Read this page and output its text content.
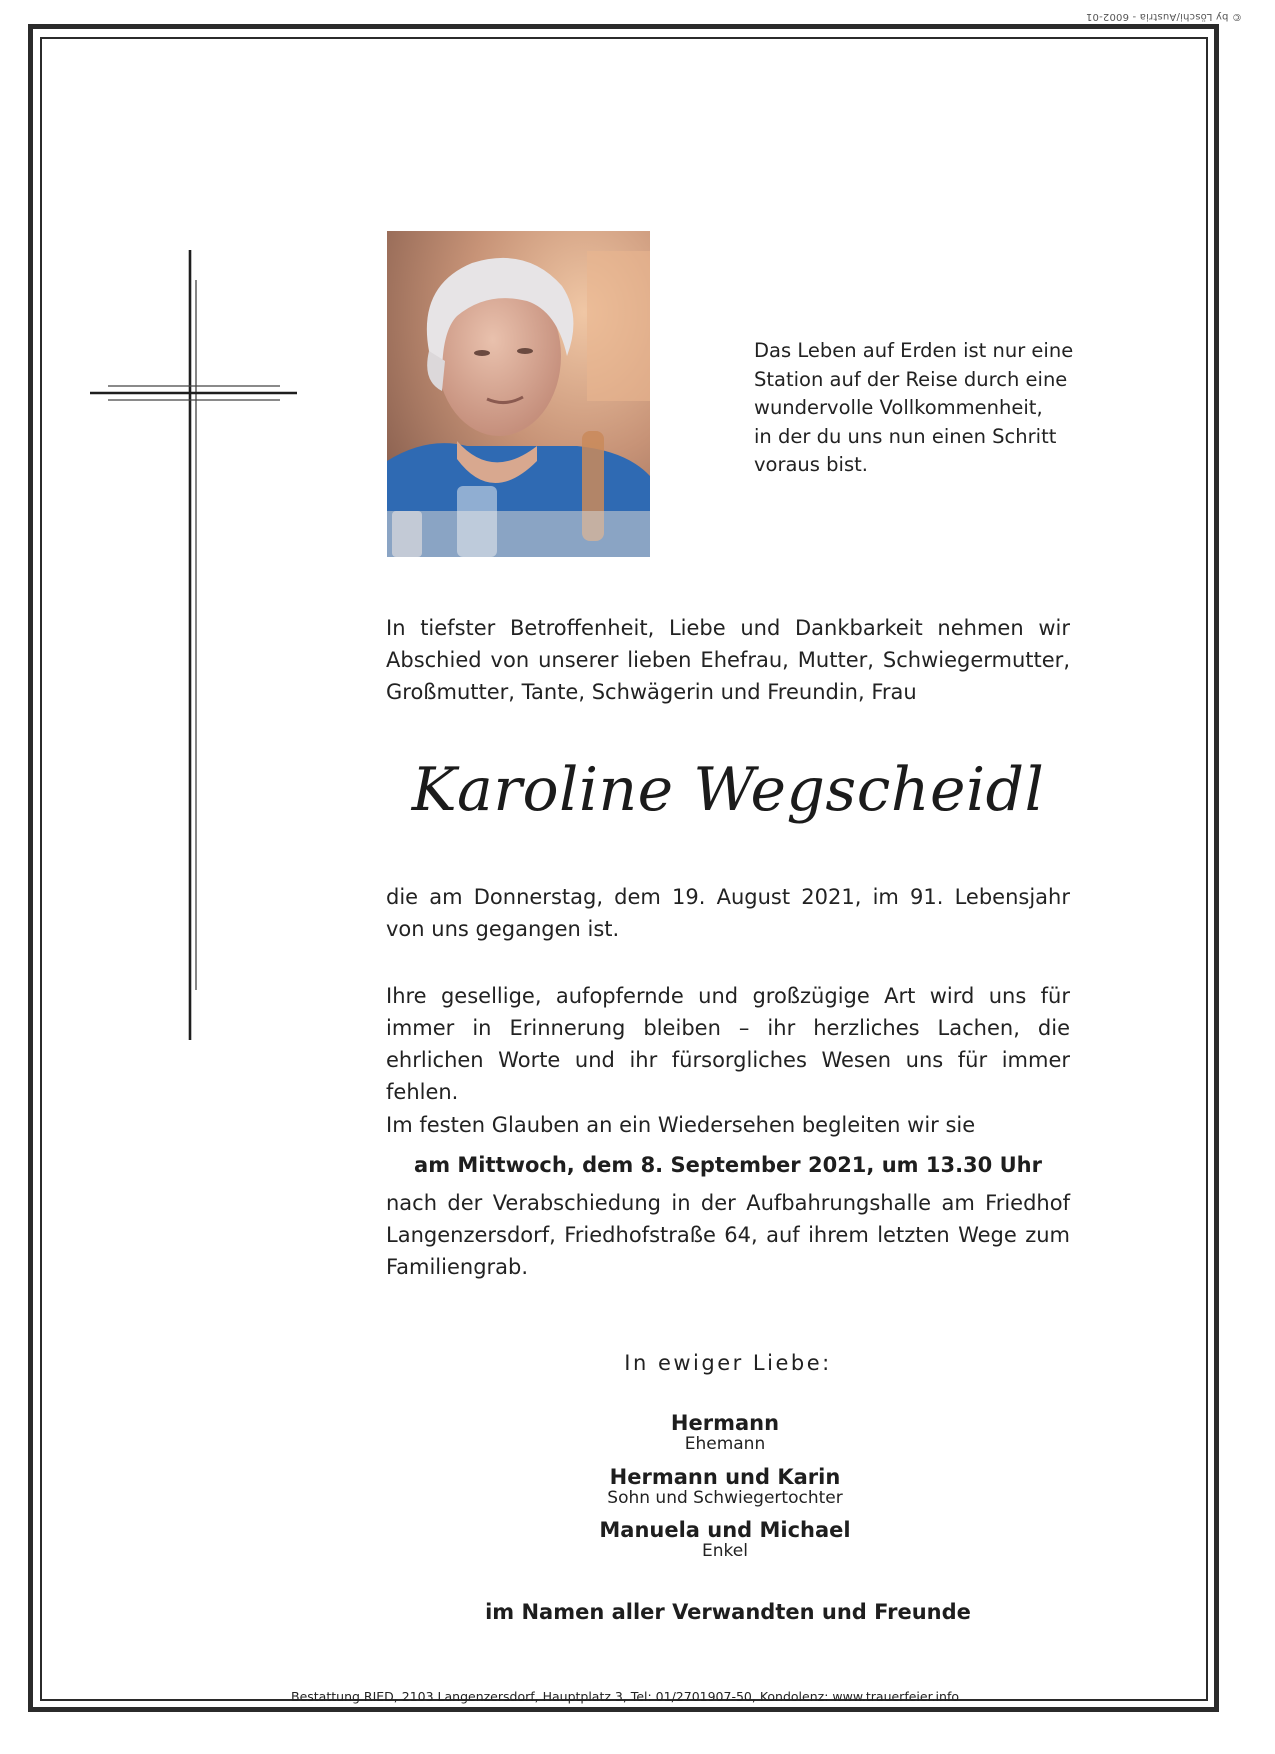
© by Löschi/Austria - 6002-01
Das Leben auf Erden ist nur eine
Station auf der Reise durch eine
wundervolle Vollkommenheit,
in der du uns nun einen Schritt
voraus bist.
In tiefster Betroffenheit, Liebe und Dankbarkeit nehmen wir Abschied von unserer lieben Ehefrau, Mutter, Schwiegermutter, Großmutter, Tante, Schwägerin und Freundin, Frau
Karoline Wegscheidl
die am Donnerstag, dem 19. August 2021, im 91. Lebensjahr von uns gegangen ist.
Ihre gesellige, aufopfernde und großzügige Art wird uns für immer in Erinnerung bleiben – ihr herzliches Lachen, die ehrlichen Worte und ihr fürsorgliches Wesen uns für immer fehlen.
Im festen Glauben an ein Wiedersehen begleiten wir sie
am Mittwoch, dem 8. September 2021, um 13.30 Uhr
nach der Verabschiedung in der Aufbahrungshalle am Friedhof Langenzersdorf, Friedhofstraße 64, auf ihrem letzten Wege zum Familiengrab.
In ewiger Liebe:
Hermann
Ehemann
Hermann und Karin
Sohn und Schwiegertochter
Manuela und Michael
Enkel
im Namen aller Verwandten und Freunde
Bestattung RIED, 2103 Langenzersdorf, Hauptplatz 3, Tel: 01/2701907-50, Kondolenz: www.trauerfeier.info
